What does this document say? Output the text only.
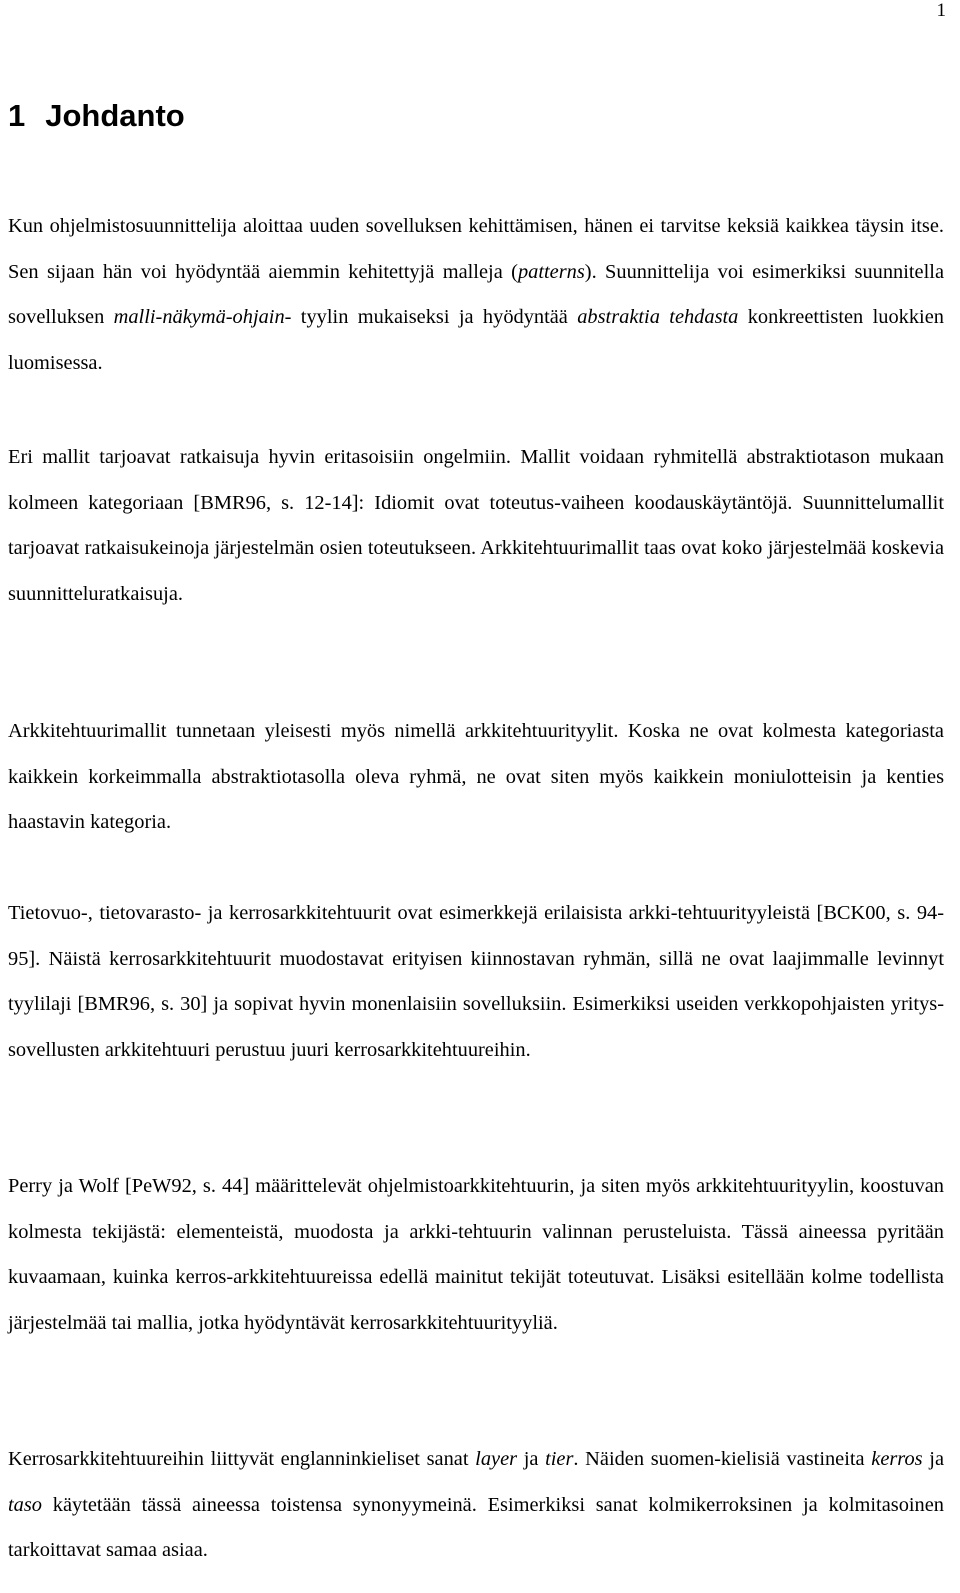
1
1 Johdanto

Kun ohjelmistosuunnittelija aloittaa uuden sovelluksen kehittämisen, hänen ei tarvitse keksiä kaikkea täysin itse. Sen sijaan hän voi hyödyntää aiemmin kehitettyjä malleja (patterns). Suunnittelija voi esimerkiksi suunnitella sovelluksen malli-näkymä-ohjain- tyylin mukaiseksi ja hyödyntää abstraktia tehdasta konkreettisten luokkien luomisessa.

Eri mallit tarjoavat ratkaisuja hyvin eritasoisiin ongelmiin. Mallit voidaan ryhmitellä abstraktiotason mukaan kolmeen kategoriaan [BMR96, s. 12-14]: Idiomit ovat toteutus-vaiheen koodauskäytäntöjä. Suunnittelumallit tarjoavat ratkaisukeinoja järjestelmän osien toteutukseen. Arkkitehtuurimallit taas ovat koko järjestelmää koskevia suunnitteluratkaisuja.

Arkkitehtuurimallit tunnetaan yleisesti myös nimellä arkkitehtuurityylit. Koska ne ovat kolmesta kategoriasta kaikkein korkeimmalla abstraktiotasolla oleva ryhmä, ne ovat siten myös kaikkein moniulotteisin ja kenties haastavin kategoria.

Tietovuo-, tietovarasto- ja kerrosarkkitehtuurit ovat esimerkkejä erilaisista arkki-tehtuurityyleistä [BCK00, s. 94-95]. Näistä kerrosarkkitehtuurit muodostavat erityisen kiinnostavan ryhmän, sillä ne ovat laajimmalle levinnyt tyylilaji [BMR96, s. 30] ja sopivat hyvin monenlaisiin sovelluksiin. Esimerkiksi useiden verkkopohjaisten yritys-sovellusten arkkitehtuuri perustuu juuri kerrosarkkitehtuureihin.

Perry ja Wolf [PeW92, s. 44] määrittelevät ohjelmistoarkkitehtuurin, ja siten myös arkkitehtuurityylin, koostuvan kolmesta tekijästä: elementeistä, muodosta ja arkki-tehtuurin valinnan perusteluista. Tässä aineessa pyritään kuvaamaan, kuinka kerros-arkkitehtuureissa edellä mainitut tekijät toteutuvat. Lisäksi esitellään kolme todellista järjestelmää tai mallia, jotka hyödyntävät kerrosarkkitehtuurityyliä.

Kerrosarkkitehtuureihin liittyvät englanninkieliset sanat layer ja tier. Näiden suomen-kielisiä vastineita kerros ja taso käytetään tässä aineessa toistensa synonyymeinä. Esimerkiksi sanat kolmikerroksinen ja kolmitasoinen tarkoittavat samaa asiaa.
